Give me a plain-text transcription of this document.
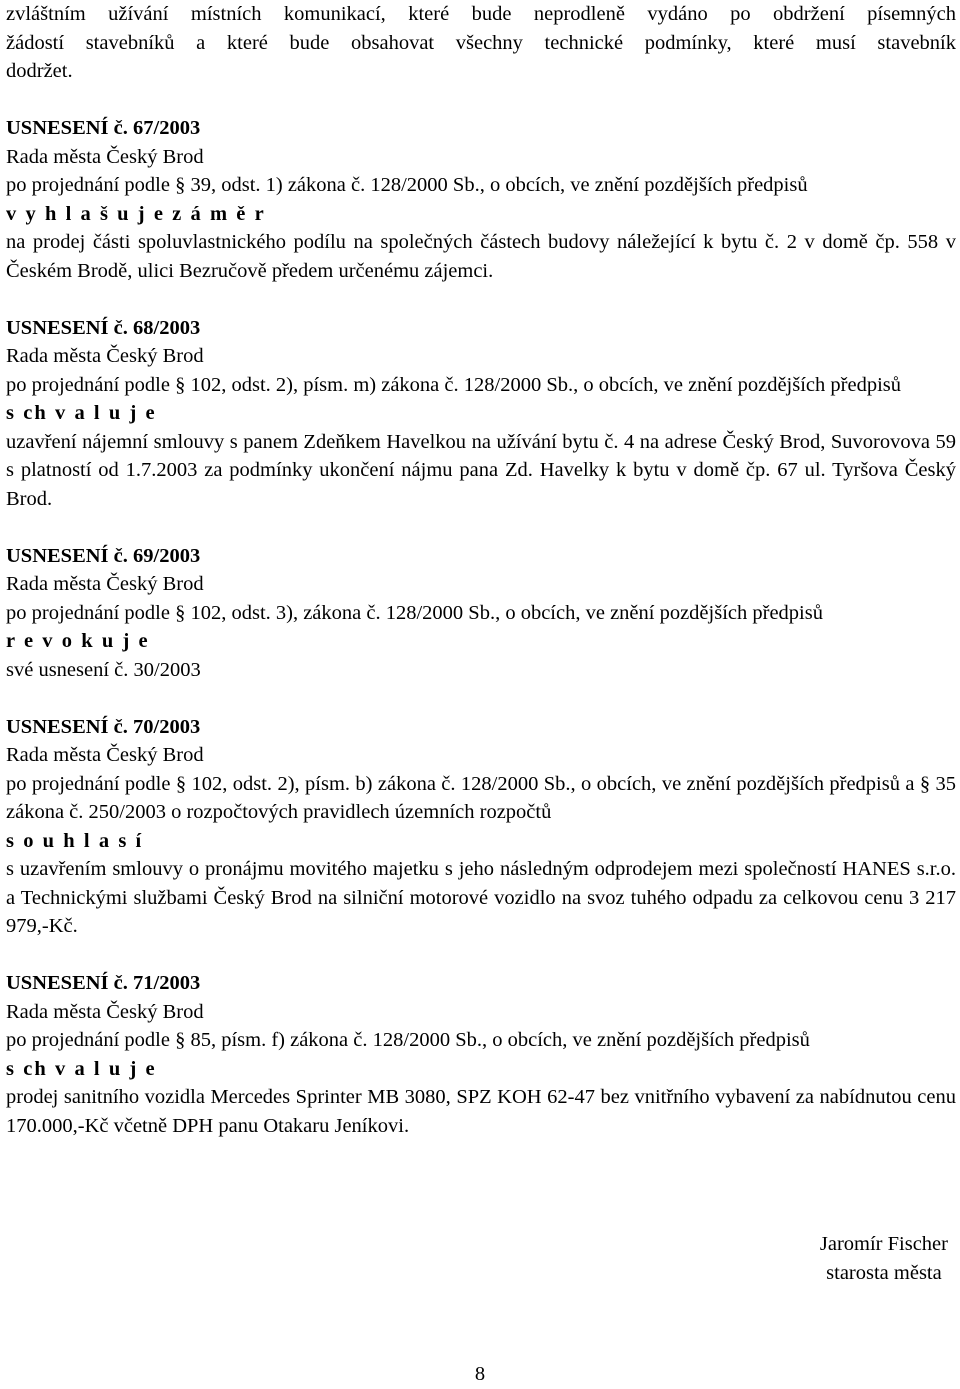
zvláštním užívání místních komunikací, které bude neprodleně vydáno po obdržení písemných

žádostí stavebníků a které bude obsahovat všechny technické podmínky, které musí stavebník

dodržet.

USNESENÍ č. 67/2003

Rada města Český Brod

po projednání podle § 39, odst. 1) zákona č. 128/2000 Sb., o obcích, ve znění pozdějších předpisů

v y h l a š u j e z á m ě r

na prodej části spoluvlastnického podílu na společných částech budovy náležející k bytu č. 2 v domě čp. 558 v Českém Brodě, ulici Bezručově předem určenému zájemci.

USNESENÍ č. 68/2003

Rada města Český Brod

po projednání podle § 102, odst. 2), písm. m) zákona č. 128/2000 Sb., o obcích, ve znění pozdějších předpisů

s ch v a l u j e

uzavření nájemní smlouvy s panem Zdeňkem Havelkou na užívání bytu č. 4 na adrese Český Brod, Suvorovova 59 s platností od 1.7.2003 za podmínky ukončení nájmu pana Zd. Havelky k bytu v domě čp. 67 ul. Tyršova Český Brod.

USNESENÍ č. 69/2003

Rada města Český Brod

po projednání podle § 102, odst. 3), zákona č. 128/2000 Sb., o obcích, ve znění pozdějších předpisů

r e v o k u j e

své usnesení č. 30/2003

USNESENÍ č. 70/2003

Rada města Český Brod

po projednání podle § 102, odst. 2), písm. b) zákona č. 128/2000 Sb., o obcích, ve znění pozdějších předpisů a § 35 zákona č. 250/2003 o rozpočtových pravidlech územních rozpočtů

s o u h l a s í

s uzavřením smlouvy o pronájmu movitého majetku s jeho následným odprodejem mezi společností HANES s.r.o. a Technickými službami Český Brod na silniční motorové vozidlo na svoz tuhého odpadu za celkovou cenu 3 217 979,-Kč.

USNESENÍ č. 71/2003

Rada města Český Brod

po projednání podle § 85, písm. f) zákona č. 128/2000 Sb., o obcích, ve znění pozdějších předpisů

s ch v a l u j e

prodej sanitního vozidla Mercedes Sprinter MB 3080, SPZ KOH 62-47 bez vnitřního vybavení za nabídnutou cenu 170.000,-Kč včetně DPH panu Otakaru Jeníkovi.

Jaromír Fischer
starosta města
8
